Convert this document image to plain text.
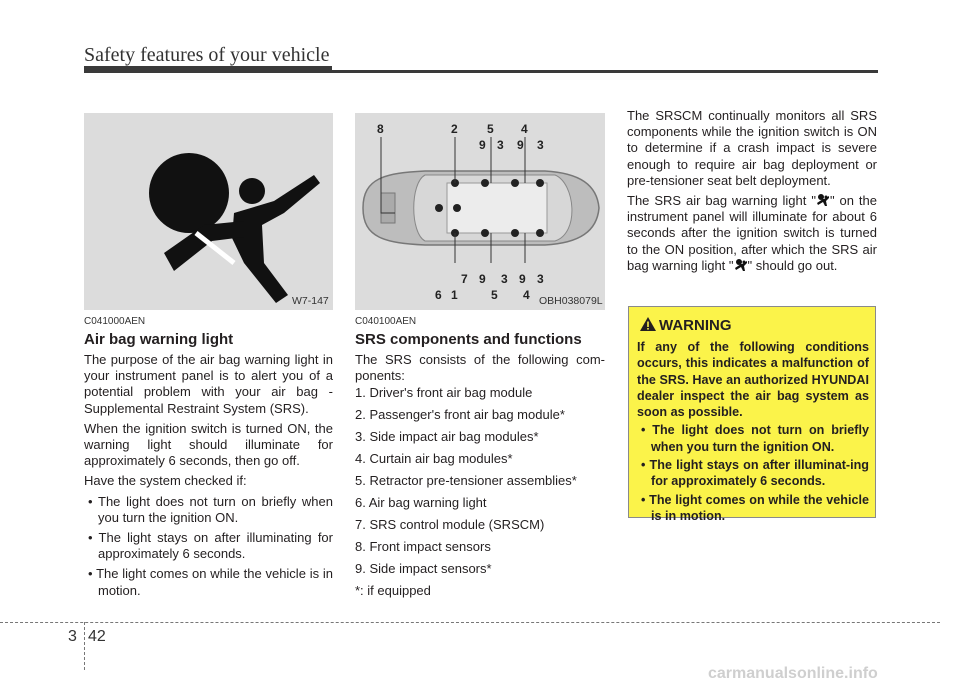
Safety features of your vehicle
W7-147
8	2 5 4
9 3 9 3
7 9 3 9 3
6 1	5 4 OBH038079L
C041000AEN
Air bag warning light

The purpose of the air bag warning light in your instrument panel is to alert you of a potential problem with your air bag - Supplemental Restraint System (SRS).

When the ignition switch is turned ON, the warning light should illuminate for approximately 6 seconds, then go off.

Have the system checked if:

• The light does not turn on briefly when you turn the ignition ON.

• The light stays on after illuminating for approximately 6 seconds.

• The light comes on while the vehicle is in motion.

C040100AEN
SRS components and functions

The SRS consists of the following com-ponents:

1. Driver's front air bag module

2. Passenger's front air bag module*

3. Side impact air bag modules*

4. Curtain air bag modules*

5. Retractor pre-tensioner assemblies*

6. Air bag warning light

7. SRS control module (SRSCM)

8. Front impact sensors

9. Side impact sensors*

*: if equipped

The SRSCM continually monitors all SRS components while the ignition switch is ON to determine if a crash impact is severe enough to require air bag deployment or pre-tensioner seat belt deployment.

The SRS air bag warning light " " on the instrument panel will illuminate for about 6 seconds after the ignition switch is turned to the ON position, after which the SRS air bag warning light " " should go out.

WARNING

If any of the following conditions occurs, this indicates a malfunction of the SRS. Have an authorized HYUNDAI dealer inspect the air bag system as soon as possible.

• The light does not turn on briefly when you turn the ignition ON.

• The light stays on after illuminat-ing for approximately 6 seconds.

• The light comes on while the vehicle is in motion.

3 42
carmanualsonline.info
